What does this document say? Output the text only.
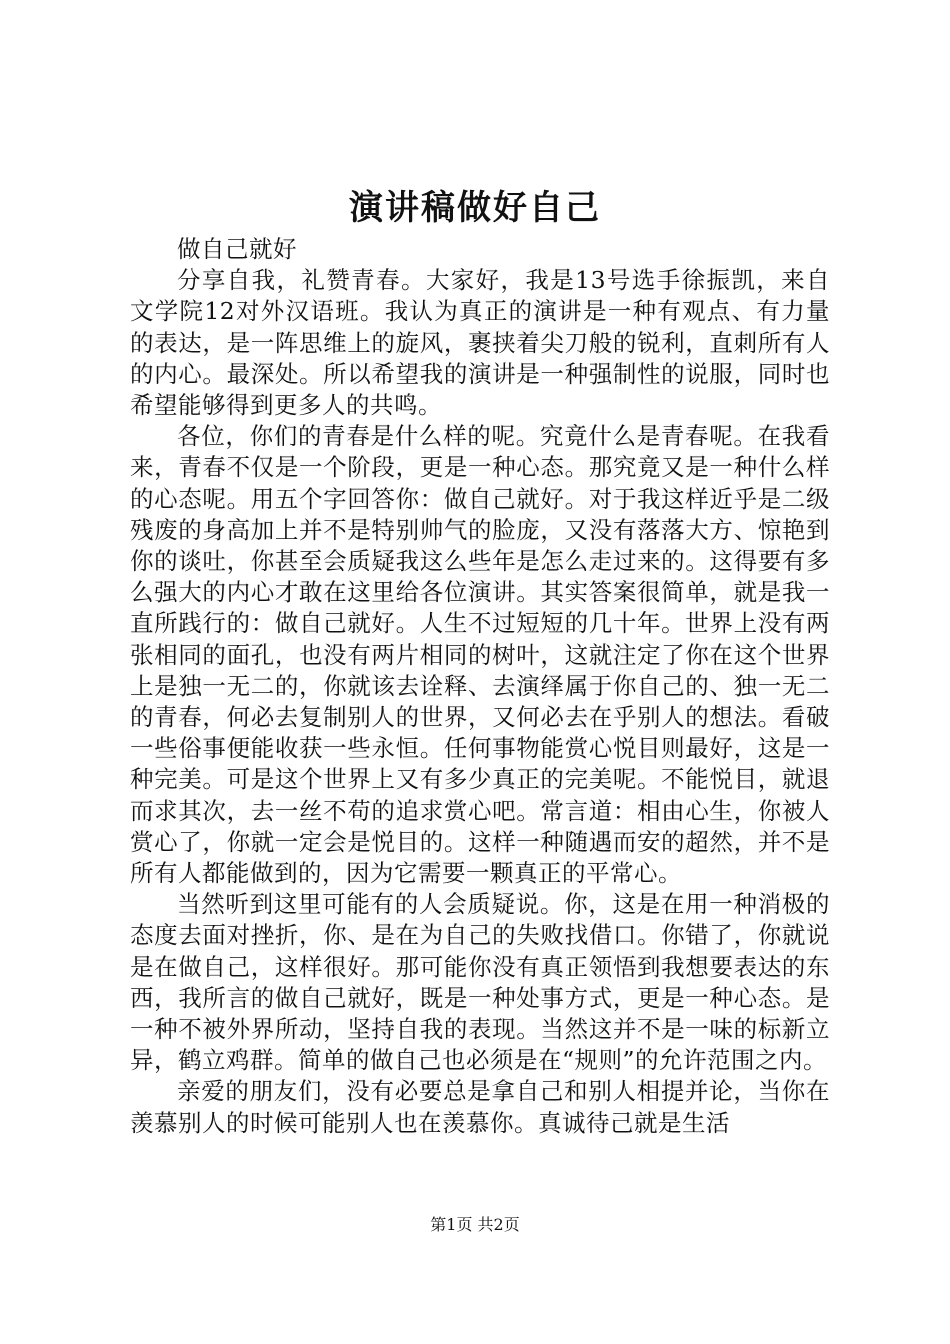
演讲稿做好自己

做自己就好

分享自我，礼赞青春。大家好，我是13号选手徐振凯，来自文学院12对外汉语班。我认为真正的演讲是一种有观点、有力量的表达，是一阵思维上的旋风，裹挟着尖刀般的锐利，直刺所有人的内心。最深处。所以希望我的演讲是一种强制性的说服，同时也希望能够得到更多人的共鸣。

各位，你们的青春是什么样的呢。究竟什么是青春呢。在我看来，青春不仅是一个阶段，更是一种心态。那究竟又是一种什么样的心态呢。用五个字回答你：做自己就好。对于我这样近乎是二级残废的身高加上并不是特别帅气的脸庞，又没有落落大方、惊艳到你的谈吐，你甚至会质疑我这么些年是怎么走过来的。这得要有多么强大的内心才敢在这里给各位演讲。其实答案很简单，就是我一直所践行的：做自己就好。人生不过短短的几十年。世界上没有两张相同的面孔，也没有两片相同的树叶，这就注定了你在这个世界上是独一无二的，你就该去诠释、去演绎属于你自己的、独一无二的青春，何必去复制别人的世界，又何必去在乎别人的想法。看破一些俗事便能收获一些永恒。任何事物能赏心悦目则最好，这是一种完美。可是这个世界上又有多少真正的完美呢。不能悦目，就退而求其次，去一丝不苟的追求赏心吧。常言道：相由心生，你被人赏心了，你就一定会是悦目的。这样一种随遇而安的超然，并不是所有人都能做到的，因为它需要一颗真正的平常心。

当然听到这里可能有的人会质疑说。你，这是在用一种消极的态度去面对挫折，你、是在为自己的失败找借口。你错了，你就说是在做自己，这样很好。那可能你没有真正领悟到我想要表达的东西，我所言的做自己就好，既是一种处事方式，更是一种心态。是一种不被外界所动，坚持自我的表现。当然这并不是一味的标新立异，鹤立鸡群。简单的做自己也必须是在“规则”的允许范围之内。

亲爱的朋友们，没有必要总是拿自己和别人相提并论，当你在羡慕别人的时候可能别人也在羡慕你。真诚待己就是生活

第1页 共2页
